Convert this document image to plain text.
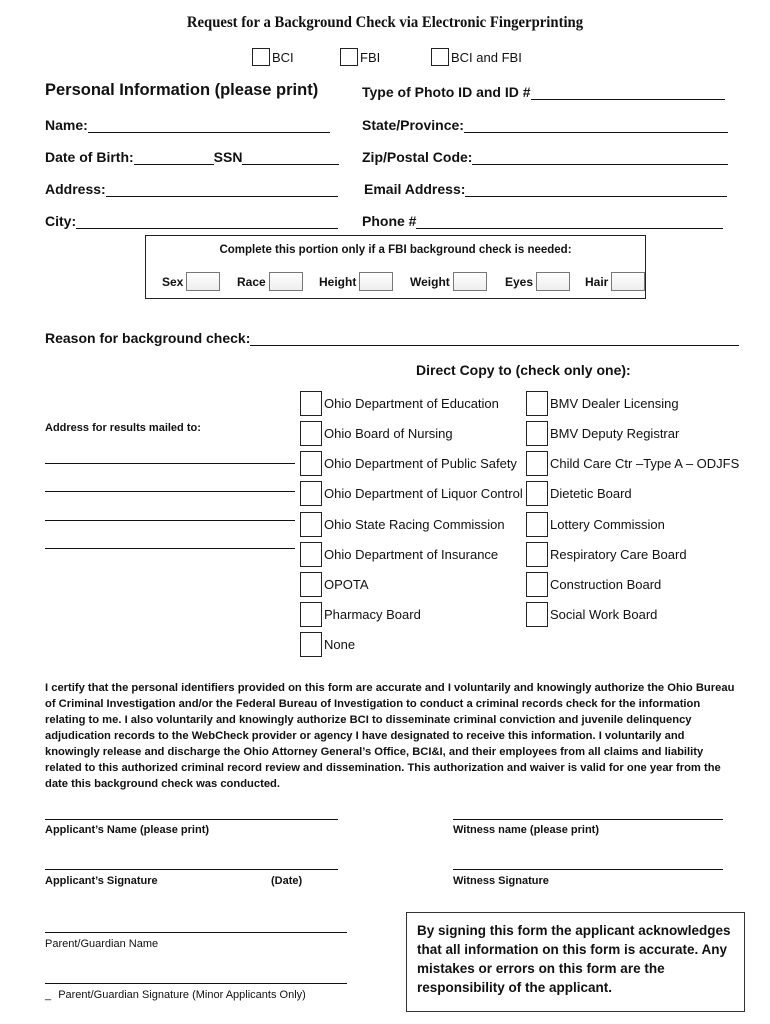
Request for a Background Check via Electronic Fingerprinting
BCI	FBI	BCI and FBI
Personal Information (please print)
Name:
Date of Birth:	SSN
Address:
City:
Type of Photo ID and ID #
State/Province:
Zip/Postal Code:
Email Address:
Phone #
Complete this portion only if a FBI background check is needed:
Sex	Race	Height	Weight	Eyes	Hair
Reason for background check:
Direct Copy to (check only one):
Address for results mailed to:
Ohio Department of Education
Ohio Board of Nursing
Ohio Department of Public Safety
Ohio Department of Liquor Control
Ohio State Racing Commission
Ohio Department of Insurance
OPOTA
Pharmacy Board
None
BMV Dealer Licensing
BMV Deputy Registrar
Child Care Ctr –Type A – ODJFS
Dietetic Board
Lottery Commission
Respiratory Care Board
Construction Board
Social Work Board
I certify that the personal identifiers provided on this form are accurate and I voluntarily and knowingly authorize the Ohio Bureau of Criminal Investigation and/or the Federal Bureau of Investigation to conduct a criminal records check for the information relating to me. I also voluntarily and knowingly authorize BCI to disseminate criminal conviction and juvenile delinquency adjudication records to the WebCheck provider or agency I have designated to receive this information. I voluntarily and knowingly release and discharge the Ohio Attorney General’s Office, BCI&I, and their employees from all claims and liability related to this authorized criminal record review and dissemination. This authorization and waiver is valid for one year from the date this background check was conducted.
Applicant’s Name (please print)	Witness name (please print)
Applicant’s Signature	(Date)	Witness Signature
Parent/Guardian Name
_ Parent/Guardian Signature (Minor Applicants Only)
By signing this form the applicant acknowledges that all information on this form is accurate. Any mistakes or errors on this form are the responsibility of the applicant.
